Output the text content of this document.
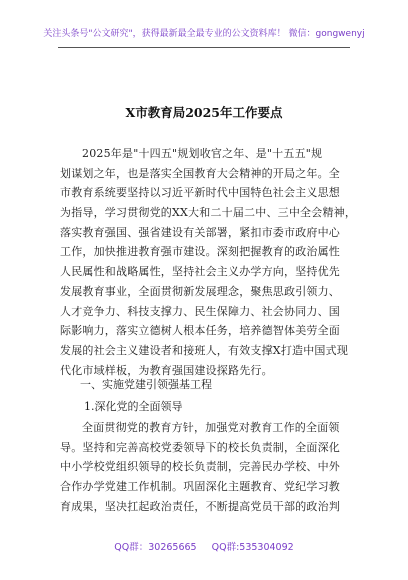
关注头条号"公文研究"，获得最新最全最专业的公文资料库！ 微信：gongwenyj
X市教育局2025年工作要点
2025年是"十四五"规划收官之年、是"十五五"规
划谋划之年，也是落实全国教育大会精神的开局之年。全
市教育系统要坚持以习近平新时代中国特色社会主义思想
为指导，学习贯彻党的XX大和二十届二中、三中全会精神，
落实教育强国、强省建设有关部署，紧扣市委市政府中心
工作，加快推进教育强市建设。深刻把握教育的政治属性
人民属性和战略属性，坚持社会主义办学方向，坚持优先
发展教育事业，全面贯彻新发展理念，聚焦思政引领力、
人才竞争力、科技支撑力、民生保障力、社会协同力、国
际影响力，落实立德树人根本任务，培养德智体美劳全面
发展的社会主义建设者和接班人，有效支撑X打造中国式现
代化市域样板，为教育强国建设探路先行。
一、实施党建引领强基工程
1.深化党的全面领导
全面贯彻党的教育方针，加强党对教育工作的全面领
导。坚持和完善高校党委领导下的校长负责制，全面深化
中小学校党组织领导的校长负责制，完善民办学校、中外
合作办学党建工作机制。巩固深化主题教育、党纪学习教
育成果，坚决扛起政治责任，不断提高党员干部的政治判
QQ群：30265665 QQ群:535304092
